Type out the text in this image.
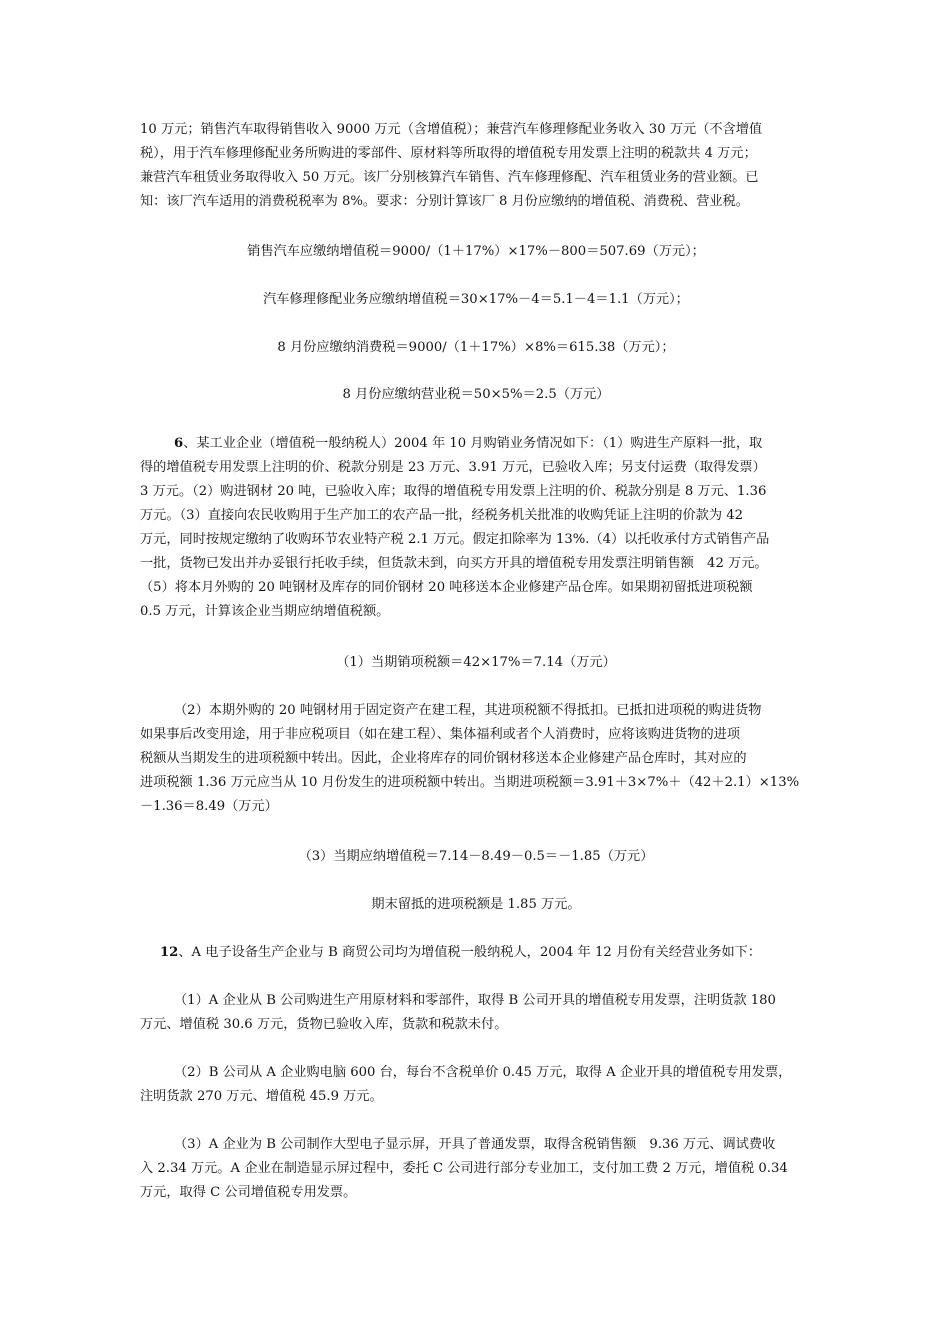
10 万元；销售汽车取得销售收入 9000 万元（含增值税）；兼营汽车修理修配业务收入 30 万元（不含增值
税），用于汽车修理修配业务所购进的零部件、原材料等所取得的增值税专用发票上注明的税款共 4 万元；
兼营汽车租赁业务取得收入 50 万元。该厂分别核算汽车销售、汽车修理修配、汽车租赁业务的营业额。已
知：该厂汽车适用的消费税税率为 8%。要求：分别计算该厂 8 月份应缴纳的增值税、消费税、营业税。
销售汽车应缴纳增值税＝9000/（1＋17%）×17%－800＝507.69（万元）；
汽车修理修配业务应缴纳增值税＝30×17%－4＝5.1－4＝1.1（万元）；
8 月份应缴纳消费税＝9000/（1＋17%）×8%＝615.38（万元）；
8 月份应缴纳营业税＝50×5%＝2.5（万元）
6、某工业企业（增值税一般纳税人）2004 年 10 月购销业务情况如下：（1）购进生产原料一批，取
得的增值税专用发票上注明的价、税款分别是 23 万元、3.91 万元，已验收入库；另支付运费（取得发票）
3 万元。（2）购进钢材 20 吨，已验收入库；取得的增值税专用发票上注明的价、税款分别是 8 万元、1.36
万元。（3）直接向农民收购用于生产加工的农产品一批，经税务机关批准的收购凭证上注明的价款为 42
万元，同时按规定缴纳了收购环节农业特产税 2.1 万元。假定扣除率为 13%.（4）以托收承付方式销售产品
一批，货物已发出并办妥银行托收手续，但货款未到，向买方开具的增值税专用发票注明销售额　42 万元。
（5）将本月外购的 20 吨钢材及库存的同价钢材 20 吨移送本企业修建产品仓库。如果期初留抵进项税额
0.5 万元，计算该企业当期应纳增值税额。
（1）当期销项税额＝42×17%＝7.14（万元）
（2）本期外购的 20 吨钢材用于固定资产在建工程，其进项税额不得抵扣。已抵扣进项税的购进货物
如果事后改变用途，用于非应税项目（如在建工程）、集体福利或者个人消费时，应将该购进货物的进项
税额从当期发生的进项税额中转出。因此，企业将库存的同价钢材移送本企业修建产品仓库时，其对应的
进项税额 1.36 万元应当从 10 月份发生的进项税额中转出。当期进项税额＝3.91＋3×7%＋（42＋2.1）×13%
－1.36＝8.49（万元）
（3）当期应纳增值税＝7.14－8.49－0.5＝－1.85（万元）
期末留抵的进项税额是 1.85 万元。
12、A 电子设备生产企业与 B 商贸公司均为增值税一般纳税人，2004 年 12 月份有关经营业务如下：
（1）A 企业从 B 公司购进生产用原材料和零部件，取得 B 公司开具的增值税专用发票，注明货款 180
万元、增值税 30.6 万元，货物已验收入库，货款和税款未付。
（2）B 公司从 A 企业购电脑 600 台，每台不含税单价 0.45 万元，取得 A 企业开具的增值税专用发票，
注明货款 270 万元、增值税 45.9 万元。
（3）A 企业为 B 公司制作大型电子显示屏，开具了普通发票，取得含税销售额　9.36 万元、调试费收
入 2.34 万元。A 企业在制造显示屏过程中，委托 C 公司进行部分专业加工，支付加工费 2 万元，增值税 0.34
万元，取得 C 公司增值税专用发票。
